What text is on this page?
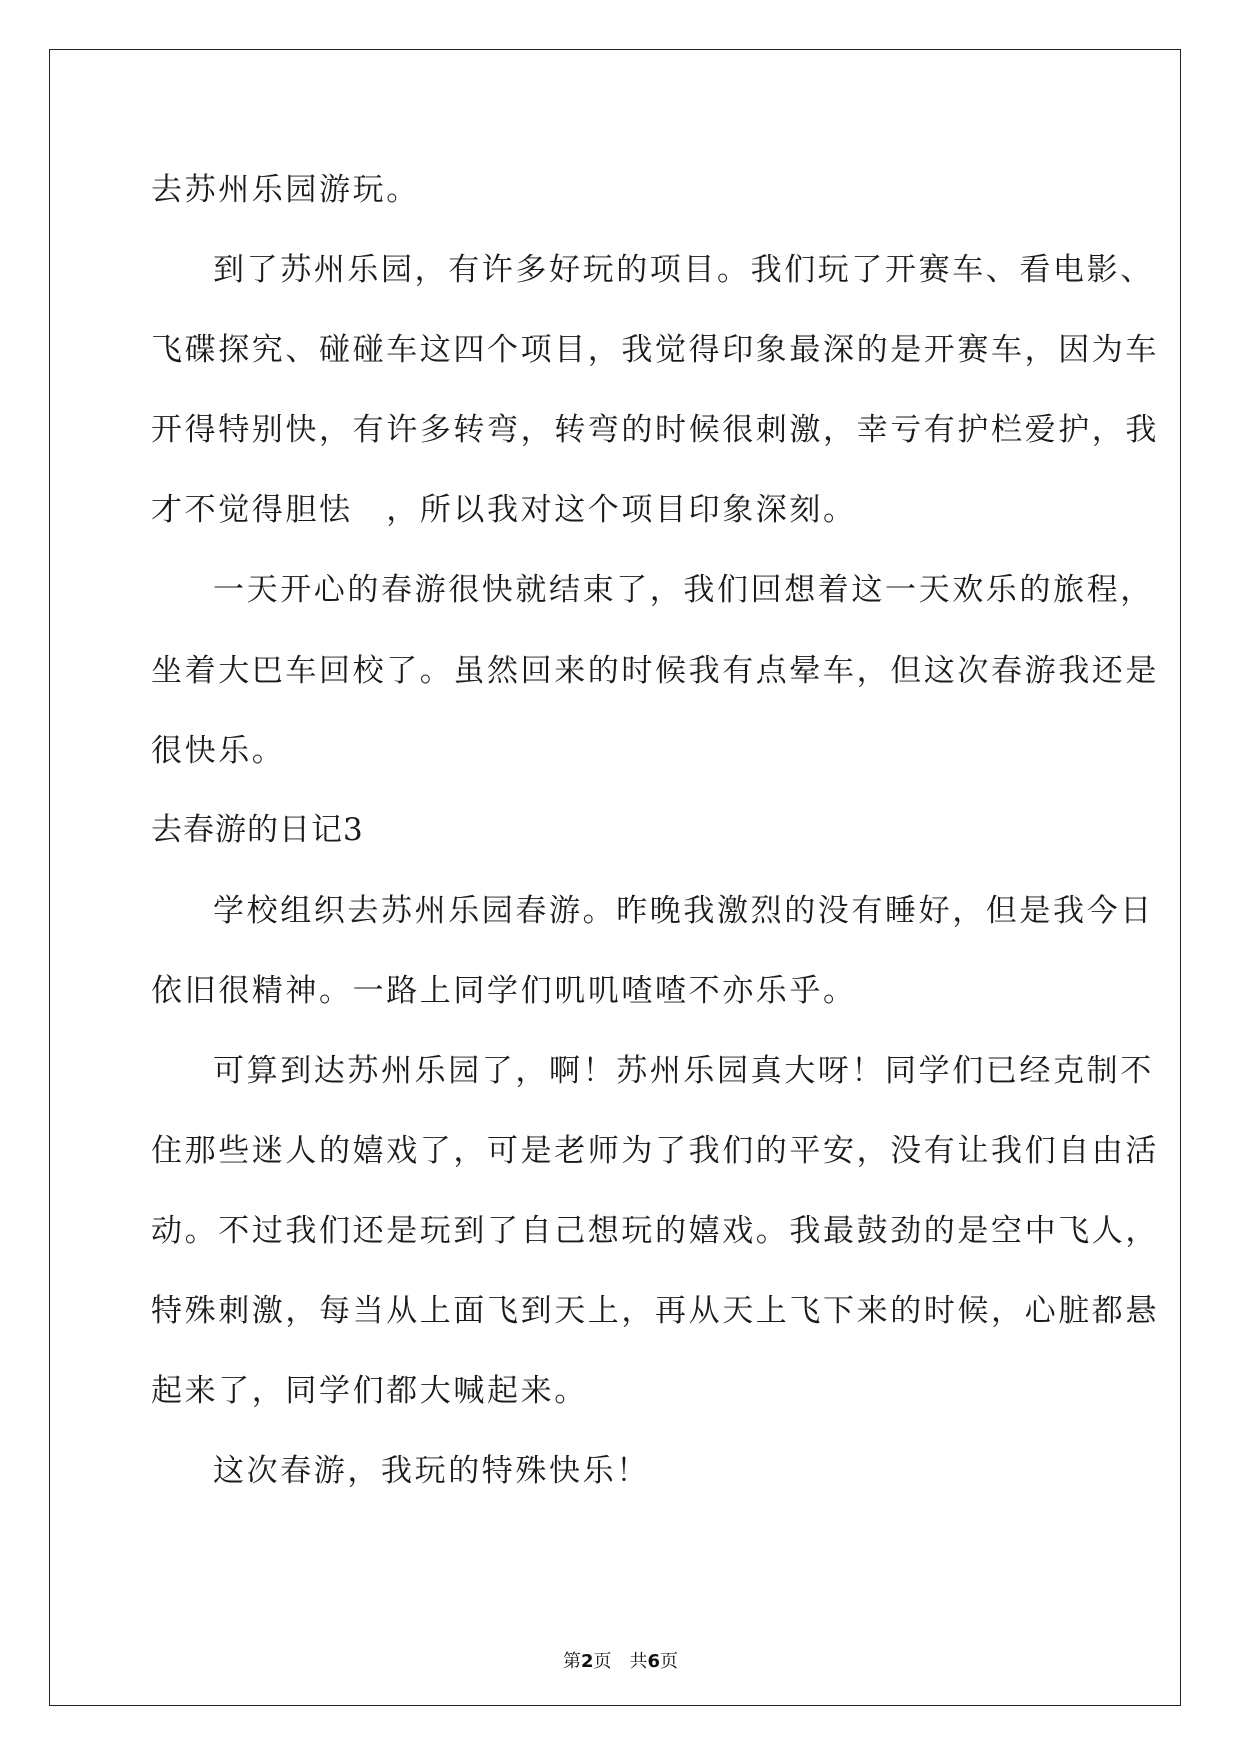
去苏州乐园游玩。
到了苏州乐园，有许多好玩的项目。我们玩了开赛车、看电影、
飞碟探究、碰碰车这四个项目，我觉得印象最深的是开赛车，因为车
开得特别快，有许多转弯，转弯的时候很刺激，幸亏有护栏爱护，我
才不觉得胆怯　，所以我对这个项目印象深刻。
一天开心的春游很快就结束了，我们回想着这一天欢乐的旅程，
坐着大巴车回校了。虽然回来的时候我有点晕车，但这次春游我还是
很快乐。
去春游的日记3
学校组织去苏州乐园春游。昨晚我激烈的没有睡好，但是我今日
依旧很精神。一路上同学们叽叽喳喳不亦乐乎。
可算到达苏州乐园了，啊！苏州乐园真大呀！同学们已经克制不
住那些迷人的嬉戏了，可是老师为了我们的平安，没有让我们自由活
动。不过我们还是玩到了自己想玩的嬉戏。我最鼓劲的是空中飞人，
特殊刺激，每当从上面飞到天上，再从天上飞下来的时候，心脏都悬
起来了，同学们都大喊起来。
这次春游，我玩的特殊快乐！
第2页　共6页
